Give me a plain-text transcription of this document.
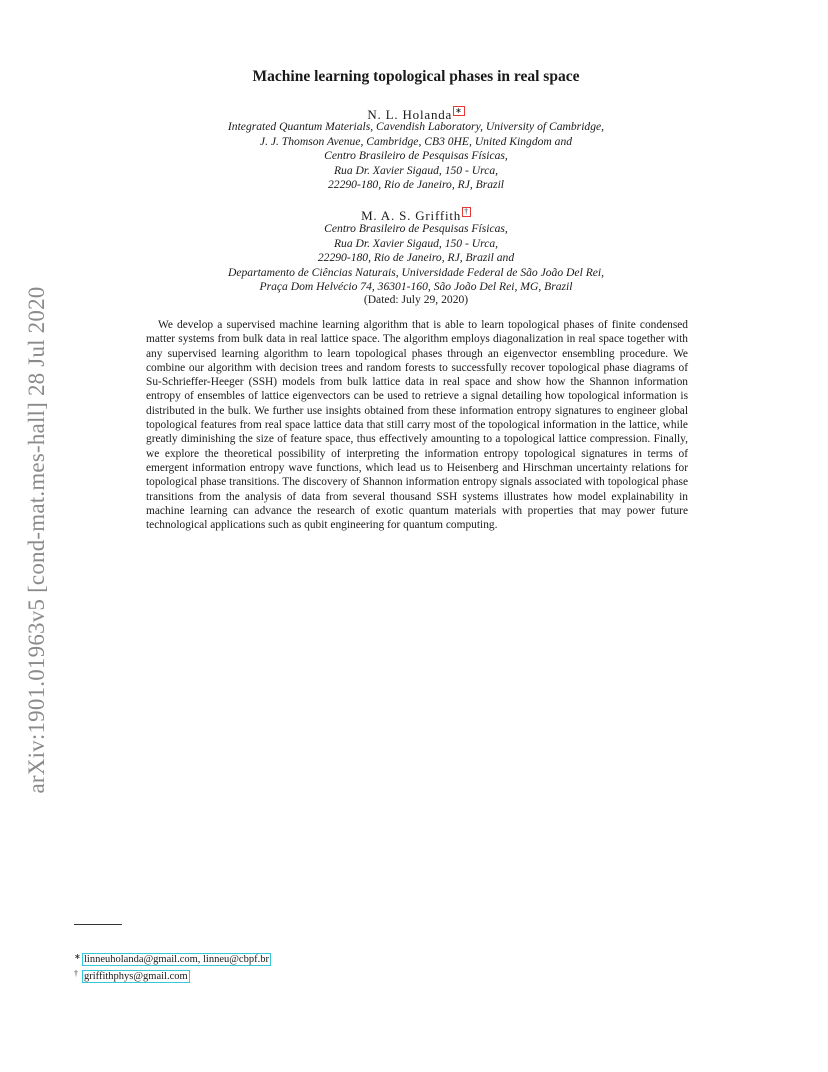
arXiv:1901.01963v5 [cond-mat.mes-hall] 28 Jul 2020
Machine learning topological phases in real space
N. L. Holanda ∗
Integrated Quantum Materials, Cavendish Laboratory, University of Cambridge,
J. J. Thomson Avenue, Cambridge, CB3 0HE, United Kingdom and
Centro Brasileiro de Pesquisas Físicas,
Rua Dr. Xavier Sigaud, 150 - Urca,
22290-180, Rio de Janeiro, RJ, Brazil
M. A. S. Griffith †
Centro Brasileiro de Pesquisas Físicas,
Rua Dr. Xavier Sigaud, 150 - Urca,
22290-180, Rio de Janeiro, RJ, Brazil and
Departamento de Ciências Naturais, Universidade Federal de São João Del Rei,
Praça Dom Helvécio 74, 36301-160, São João Del Rei, MG, Brazil
(Dated: July 29, 2020)
We develop a supervised machine learning algorithm that is able to learn topological phases of finite condensed matter systems from bulk data in real lattice space. The algorithm employs diagonalization in real space together with any supervised learning algorithm to learn topological phases through an eigenvector ensembling procedure. We combine our algorithm with decision trees and random forests to successfully recover topological phase diagrams of Su-Schrieffer-Heeger (SSH) models from bulk lattice data in real space and show how the Shannon information entropy of ensembles of lattice eigenvectors can be used to retrieve a signal detailing how topological information is distributed in the bulk. We further use insights obtained from these information entropy signatures to engineer global topological features from real space lattice data that still carry most of the topological information in the lattice, while greatly diminishing the size of feature space, thus effectively amounting to a topological lattice compression. Finally, we explore the theoretical possibility of interpreting the information entropy topological signatures in terms of emergent information entropy wave functions, which lead us to Heisenberg and Hirschman uncertainty relations for topological phase transitions. The discovery of Shannon information entropy signals associated with topological phase transitions from the analysis of data from several thousand SSH systems illustrates how model explainability in machine learning can advance the research of exotic quantum materials with properties that may power future technological applications such as qubit engineering for quantum computing.
∗ linneuholanda@gmail.com, linneu@cbpf.br
† griffithphys@gmail.com
